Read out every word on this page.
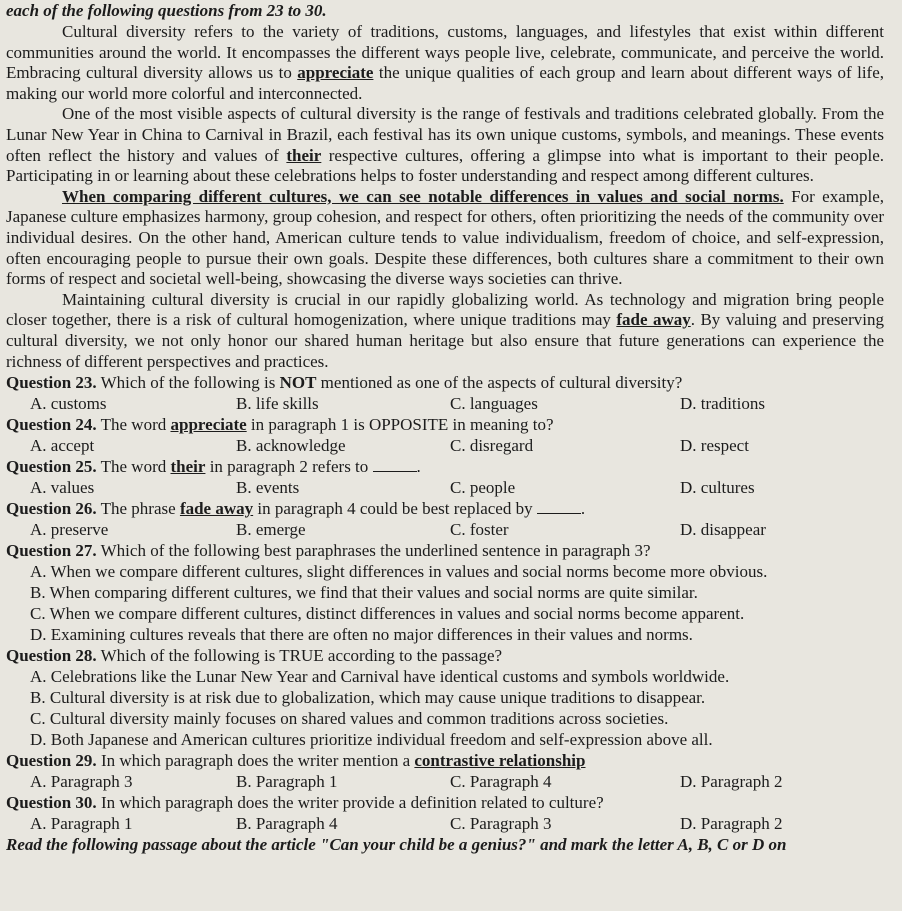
each of the following questions from 23 to 30.

Cultural diversity refers to the variety of traditions, customs, languages, and lifestyles that exist within different communities around the world. It encompasses the different ways people live, celebrate, communicate, and perceive the world. Embracing cultural diversity allows us to appreciate the unique qualities of each group and learn about different ways of life, making our world more colorful and interconnected.

One of the most visible aspects of cultural diversity is the range of festivals and traditions celebrated globally. From the Lunar New Year in China to Carnival in Brazil, each festival has its own unique customs, symbols, and meanings. These events often reflect the history and values of their respective cultures, offering a glimpse into what is important to their people. Participating in or learning about these celebrations helps to foster understanding and respect among different cultures.

When comparing different cultures, we can see notable differences in values and social norms. For example, Japanese culture emphasizes harmony, group cohesion, and respect for others, often prioritizing the needs of the community over individual desires. On the other hand, American culture tends to value individualism, freedom of choice, and self-expression, often encouraging people to pursue their own goals. Despite these differences, both cultures share a commitment to their own forms of respect and societal well-being, showcasing the diverse ways societies can thrive.

Maintaining cultural diversity is crucial in our rapidly globalizing world. As technology and migration bring people closer together, there is a risk of cultural homogenization, where unique traditions may fade away. By valuing and preserving cultural diversity, we not only honor our shared human heritage but also ensure that future generations can experience the richness of different perspectives and practices.

Question 23. Which of the following is NOT mentioned as one of the aspects of cultural diversity?

A. customs	B. life skills	C. languages	D. traditions

Question 24. The word appreciate in paragraph 1 is OPPOSITE in meaning to?

A. accept	B. acknowledge	C. disregard	D. respect

Question 25. The word their in paragraph 2 refers to	.

A. values	B. events	C. people	D. cultures

Question 26. The phrase fade away in paragraph 4 could be best replaced by	.

A. preserve	B. emerge	C. foster	D. disappear

Question 27. Which of the following best paraphrases the underlined sentence in paragraph 3?

A. When we compare different cultures, slight differences in values and social norms become more obvious.

B. When comparing different cultures, we find that their values and social norms are quite similar.

C. When we compare different cultures, distinct differences in values and social norms become apparent.

D. Examining cultures reveals that there are often no major differences in their values and norms.

Question 28. Which of the following is TRUE according to the passage?

A. Celebrations like the Lunar New Year and Carnival have identical customs and symbols worldwide.

B. Cultural diversity is at risk due to globalization, which may cause unique traditions to disappear.

C. Cultural diversity mainly focuses on shared values and common traditions across societies.

D. Both Japanese and American cultures prioritize individual freedom and self-expression above all.

Question 29. In which paragraph does the writer mention a contrastive relationship

A. Paragraph 3	B. Paragraph 1	C. Paragraph 4	D. Paragraph 2

Question 30. In which paragraph does the writer provide a definition related to culture?

A. Paragraph 1	B. Paragraph 4	C. Paragraph 3	D. Paragraph 2

Read the following passage about the article "Can your child be a genius?" and mark the letter A, B, C or D on
